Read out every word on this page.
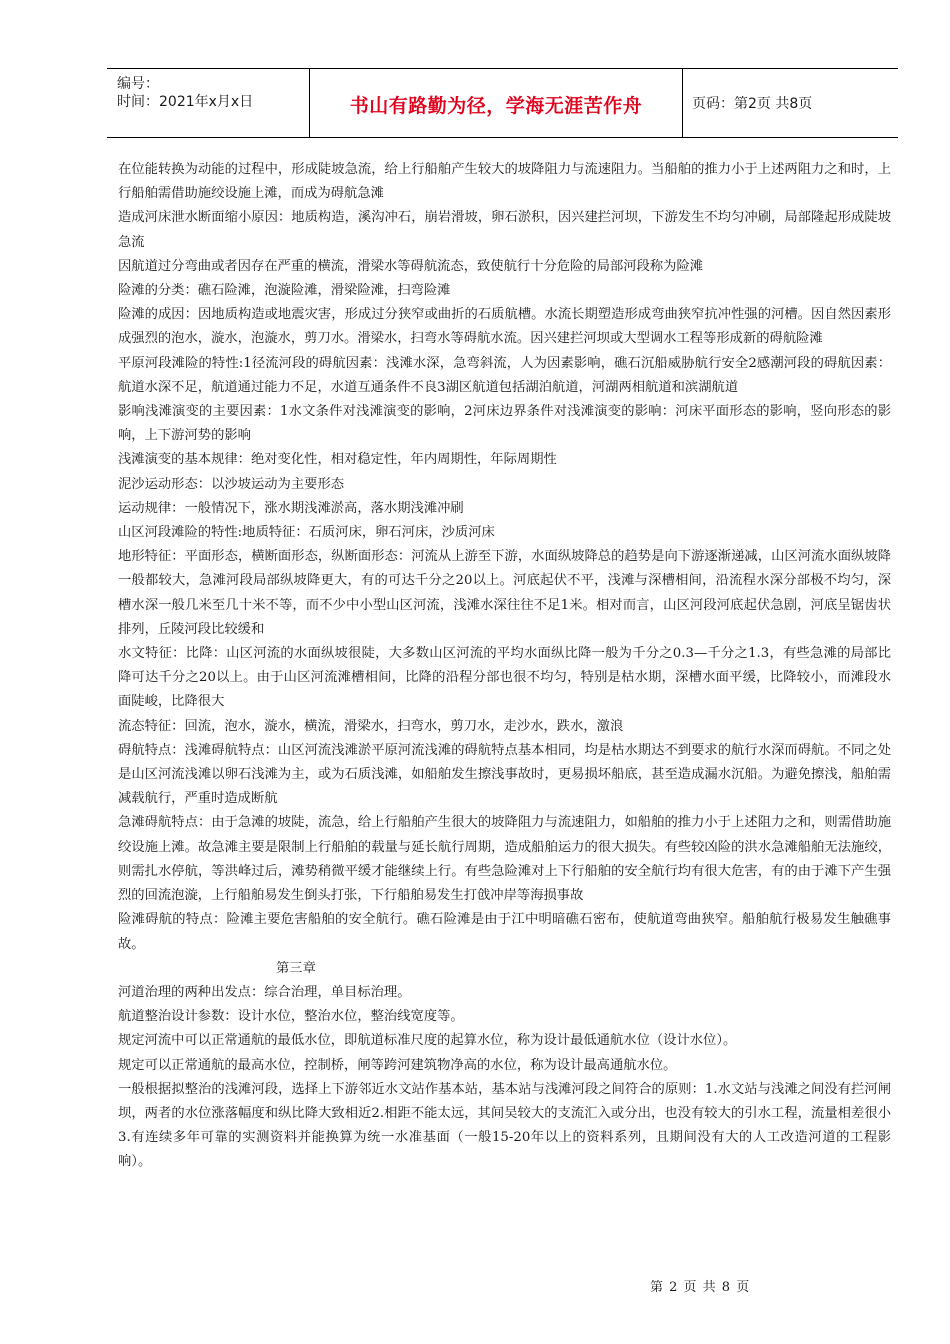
编号：
时间：2021年x月x日	书山有路勤为径，学海无涯苦作舟	页码：第2页 共8页

在位能转换为动能的过程中，形成陡坡急流，给上行船舶产生较大的坡降阻力与流速阻力。当船舶的推力小于上述两阻力之和时，上行船舶需借助施绞设施上滩，而成为碍航急滩

造成河床泄水断面缩小原因：地质构造，溪沟冲石，崩岩滑坡，卵石淤积，因兴建拦河坝，下游发生不均匀冲刷，局部隆起形成陡坡急流

因航道过分弯曲或者因存在严重的横流，滑梁水等碍航流态，致使航行十分危险的局部河段称为险滩

险滩的分类：礁石险滩，泡漩险滩，滑梁险滩，扫弯险滩

险滩的成因：因地质构造或地震灾害，形成过分狭窄或曲折的石质航槽。水流长期塑造形成弯曲狭窄抗冲性强的河槽。因自然因素形成强烈的泡水，漩水，泡漩水，剪刀水。滑梁水，扫弯水等碍航水流。因兴建拦河坝或大型调水工程等形成新的碍航险滩

平原河段滩险的特性:1径流河段的碍航因素：浅滩水深，急弯斜流，人为因素影响，礁石沉船威胁航行安全2感潮河段的碍航因素：航道水深不足，航道通过能力不足，水道互通条件不良3湖区航道包括湖泊航道，河湖两相航道和滨湖航道

影响浅滩演变的主要因素：1水文条件对浅滩演变的影响，2河床边界条件对浅滩演变的影响：河床平面形态的影响，竖向形态的影响，上下游河势的影响

浅滩演变的基本规律：绝对变化性，相对稳定性，年内周期性，年际周期性

泥沙运动形态：以沙坡运动为主要形态

运动规律：一般情况下，涨水期浅滩淤高，落水期浅滩冲刷

山区河段滩险的特性:地质特征：石质河床，卵石河床，沙质河床

地形特征：平面形态，横断面形态，纵断面形态：河流从上游至下游，水面纵坡降总的趋势是向下游逐渐递减，山区河流水面纵坡降一般都较大，急滩河段局部纵坡降更大，有的可达千分之20以上。河底起伏不平，浅滩与深槽相间，沿流程水深分部极不均匀，深槽水深一般几米至几十米不等，而不少中小型山区河流，浅滩水深往往不足1米。相对而言，山区河段河底起伏急剧，河底呈锯齿状排列，丘陵河段比较缓和

水文特征：比降：山区河流的水面纵坡很陡，大多数山区河流的平均水面纵比降一般为千分之0.3—千分之1.3，有些急滩的局部比降可达千分之20以上。由于山区河流滩槽相间，比降的沿程分部也很不均匀，特别是枯水期，深槽水面平缓，比降较小，而滩段水面陡峻，比降很大

流态特征：回流，泡水，漩水，横流，滑梁水，扫弯水，剪刀水，走沙水，跌水，激浪

碍航特点：浅滩碍航特点：山区河流浅滩淤平原河流浅滩的碍航特点基本相同，均是枯水期达不到要求的航行水深而碍航。不同之处是山区河流浅滩以卵石浅滩为主，或为石质浅滩，如船舶发生擦浅事故时，更易损坏船底，甚至造成漏水沉船。为避免擦浅，船舶需减载航行，严重时造成断航

急滩碍航特点：由于急滩的坡陡，流急，给上行船舶产生很大的坡降阻力与流速阻力，如船舶的推力小于上述阻力之和，则需借助施绞设施上滩。故急滩主要是限制上行船舶的载量与延长航行周期，造成船舶运力的很大损失。有些较凶险的洪水急滩船舶无法施绞，则需扎水停航，等洪峰过后，滩势稍微平缓才能继续上行。有些急险滩对上下行船舶的安全航行均有很大危害，有的由于滩下产生强烈的回流泡漩，上行船舶易发生倒头打张，下行船舶易发生打戗冲岸等海损事故

险滩碍航的特点：险滩主要危害船舶的安全航行。礁石险滩是由于江中明暗礁石密布，使航道弯曲狭窄。船舶航行极易发生触礁事故。

第三章

河道治理的两种出发点：综合治理，单目标治理。

航道整治设计参数：设计水位，整治水位，整治线宽度等。

规定河流中可以正常通航的最低水位，即航道标准尺度的起算水位，称为设计最低通航水位（设计水位）。

规定可以正常通航的最高水位，控制桥，闸等跨河建筑物净高的水位，称为设计最高通航水位。

一般根据拟整治的浅滩河段，选择上下游邻近水文站作基本站，基本站与浅滩河段之间符合的原则：1.水文站与浅滩之间没有拦河闸坝，两者的水位涨落幅度和纵比降大致相近2.相距不能太远，其间吴较大的支流汇入或分出，也没有较大的引水工程，流量相差很小3.有连续多年可靠的实测资料并能换算为统一水准基面（一般15-20年以上的资料系列，且期间没有大的人工改造河道的工程影响）。

第 2 页 共 8 页
